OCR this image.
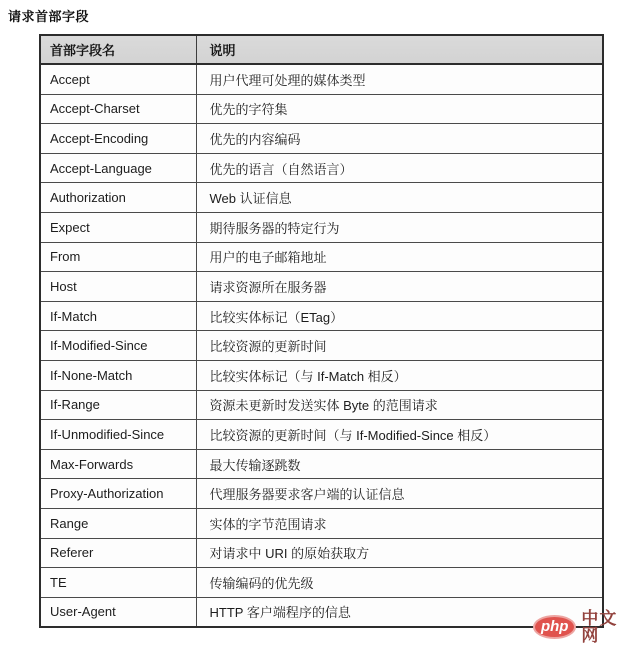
请求首部字段
首部字段名	说明
Accept	用户代理可处理的媒体类型
Accept-Charset	优先的字符集
Accept-Encoding	优先的内容编码
Accept-Language	优先的语言（自然语言）
Authorization	Web 认证信息
Expect	期待服务器的特定行为
From	用户的电子邮箱地址
Host	请求资源所在服务器
If-Match	比较实体标记（ETag）
If-Modified-Since	比较资源的更新时间
If-None-Match	比较实体标记（与 If-Match 相反）
If-Range	资源未更新时发送实体 Byte 的范围请求
If-Unmodified-Since	比较资源的更新时间（与 If-Modified-Since 相反）
Max-Forwards	最大传输逐跳数
Proxy-Authorization	代理服务器要求客户端的认证信息
Range	实体的字节范围请求
Referer	对请求中 URI 的原始获取方
TE	传输编码的优先级
User-Agent	HTTP 客户端程序的信息
php 中文网
